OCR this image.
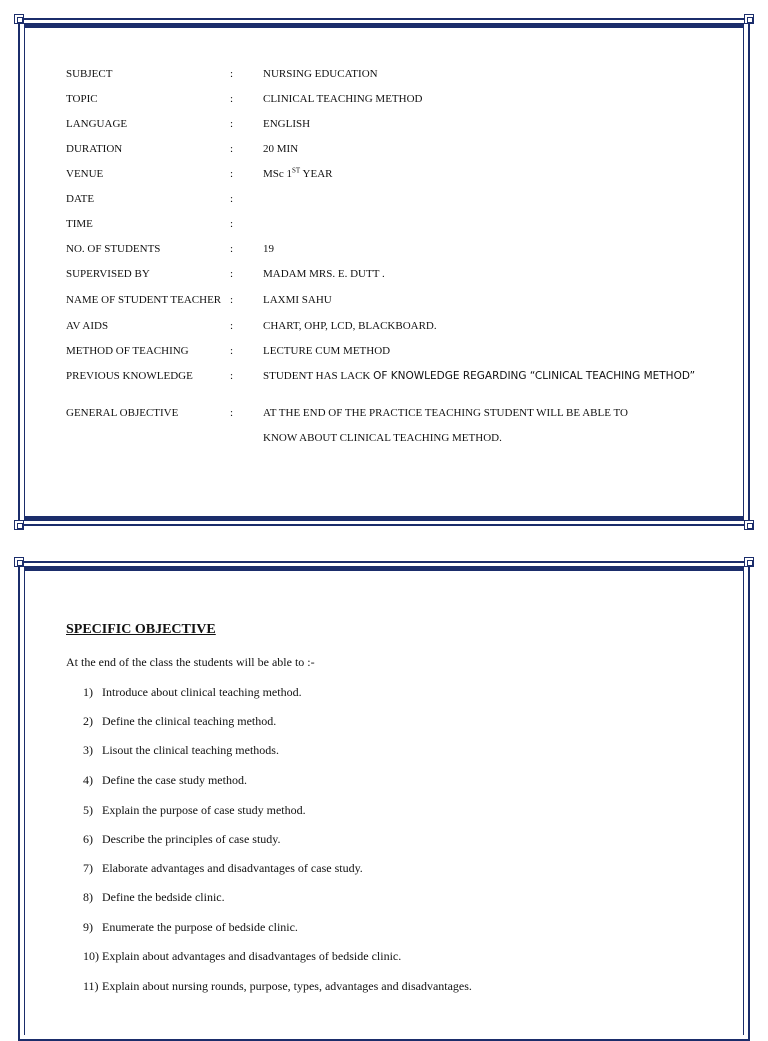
SUBJECT	:	NURSING EDUCATION
TOPIC	:	CLINICAL TEACHING METHOD
LANGUAGE	:	ENGLISH
DURATION	:	20 MIN
VENUE	:	MSc 1ST YEAR
DATE	:
TIME	:
NO. OF STUDENTS	:	19
SUPERVISED BY	:	MADAM MRS. E. DUTT .
NAME OF STUDENT TEACHER :	LAXMI SAHU
AV AIDS	:	CHART, OHP, LCD, BLACKBOARD.
METHOD OF TEACHING	:	LECTURE CUM METHOD
PREVIOUS KNOWLEDGE	:	STUDENT HAS LACK OF KNOWLEDGE REGARDING “CLINICAL TEACHING METHOD”
GENERAL OBJECTIVE	:	AT THE END OF THE PRACTICE TEACHING STUDENT WILL BE ABLE TO
KNOW ABOUT CLINICAL TEACHING METHOD.
SPECIFIC OBJECTIVE
At the end of the class the students will be able to :-
1) Introduce about clinical teaching method.
2) Define the clinical teaching method.
3) Lisout the clinical teaching methods.
4) Define the case study method.
5) Explain the purpose of case study method.
6) Describe the principles of case study.
7) Elaborate advantages and disadvantages of case study.
8) Define the bedside clinic.
9) Enumerate the purpose of bedside clinic.
10) Explain about advantages and disadvantages of bedside clinic.
11) Explain about nursing rounds, purpose, types, advantages and disadvantages.
